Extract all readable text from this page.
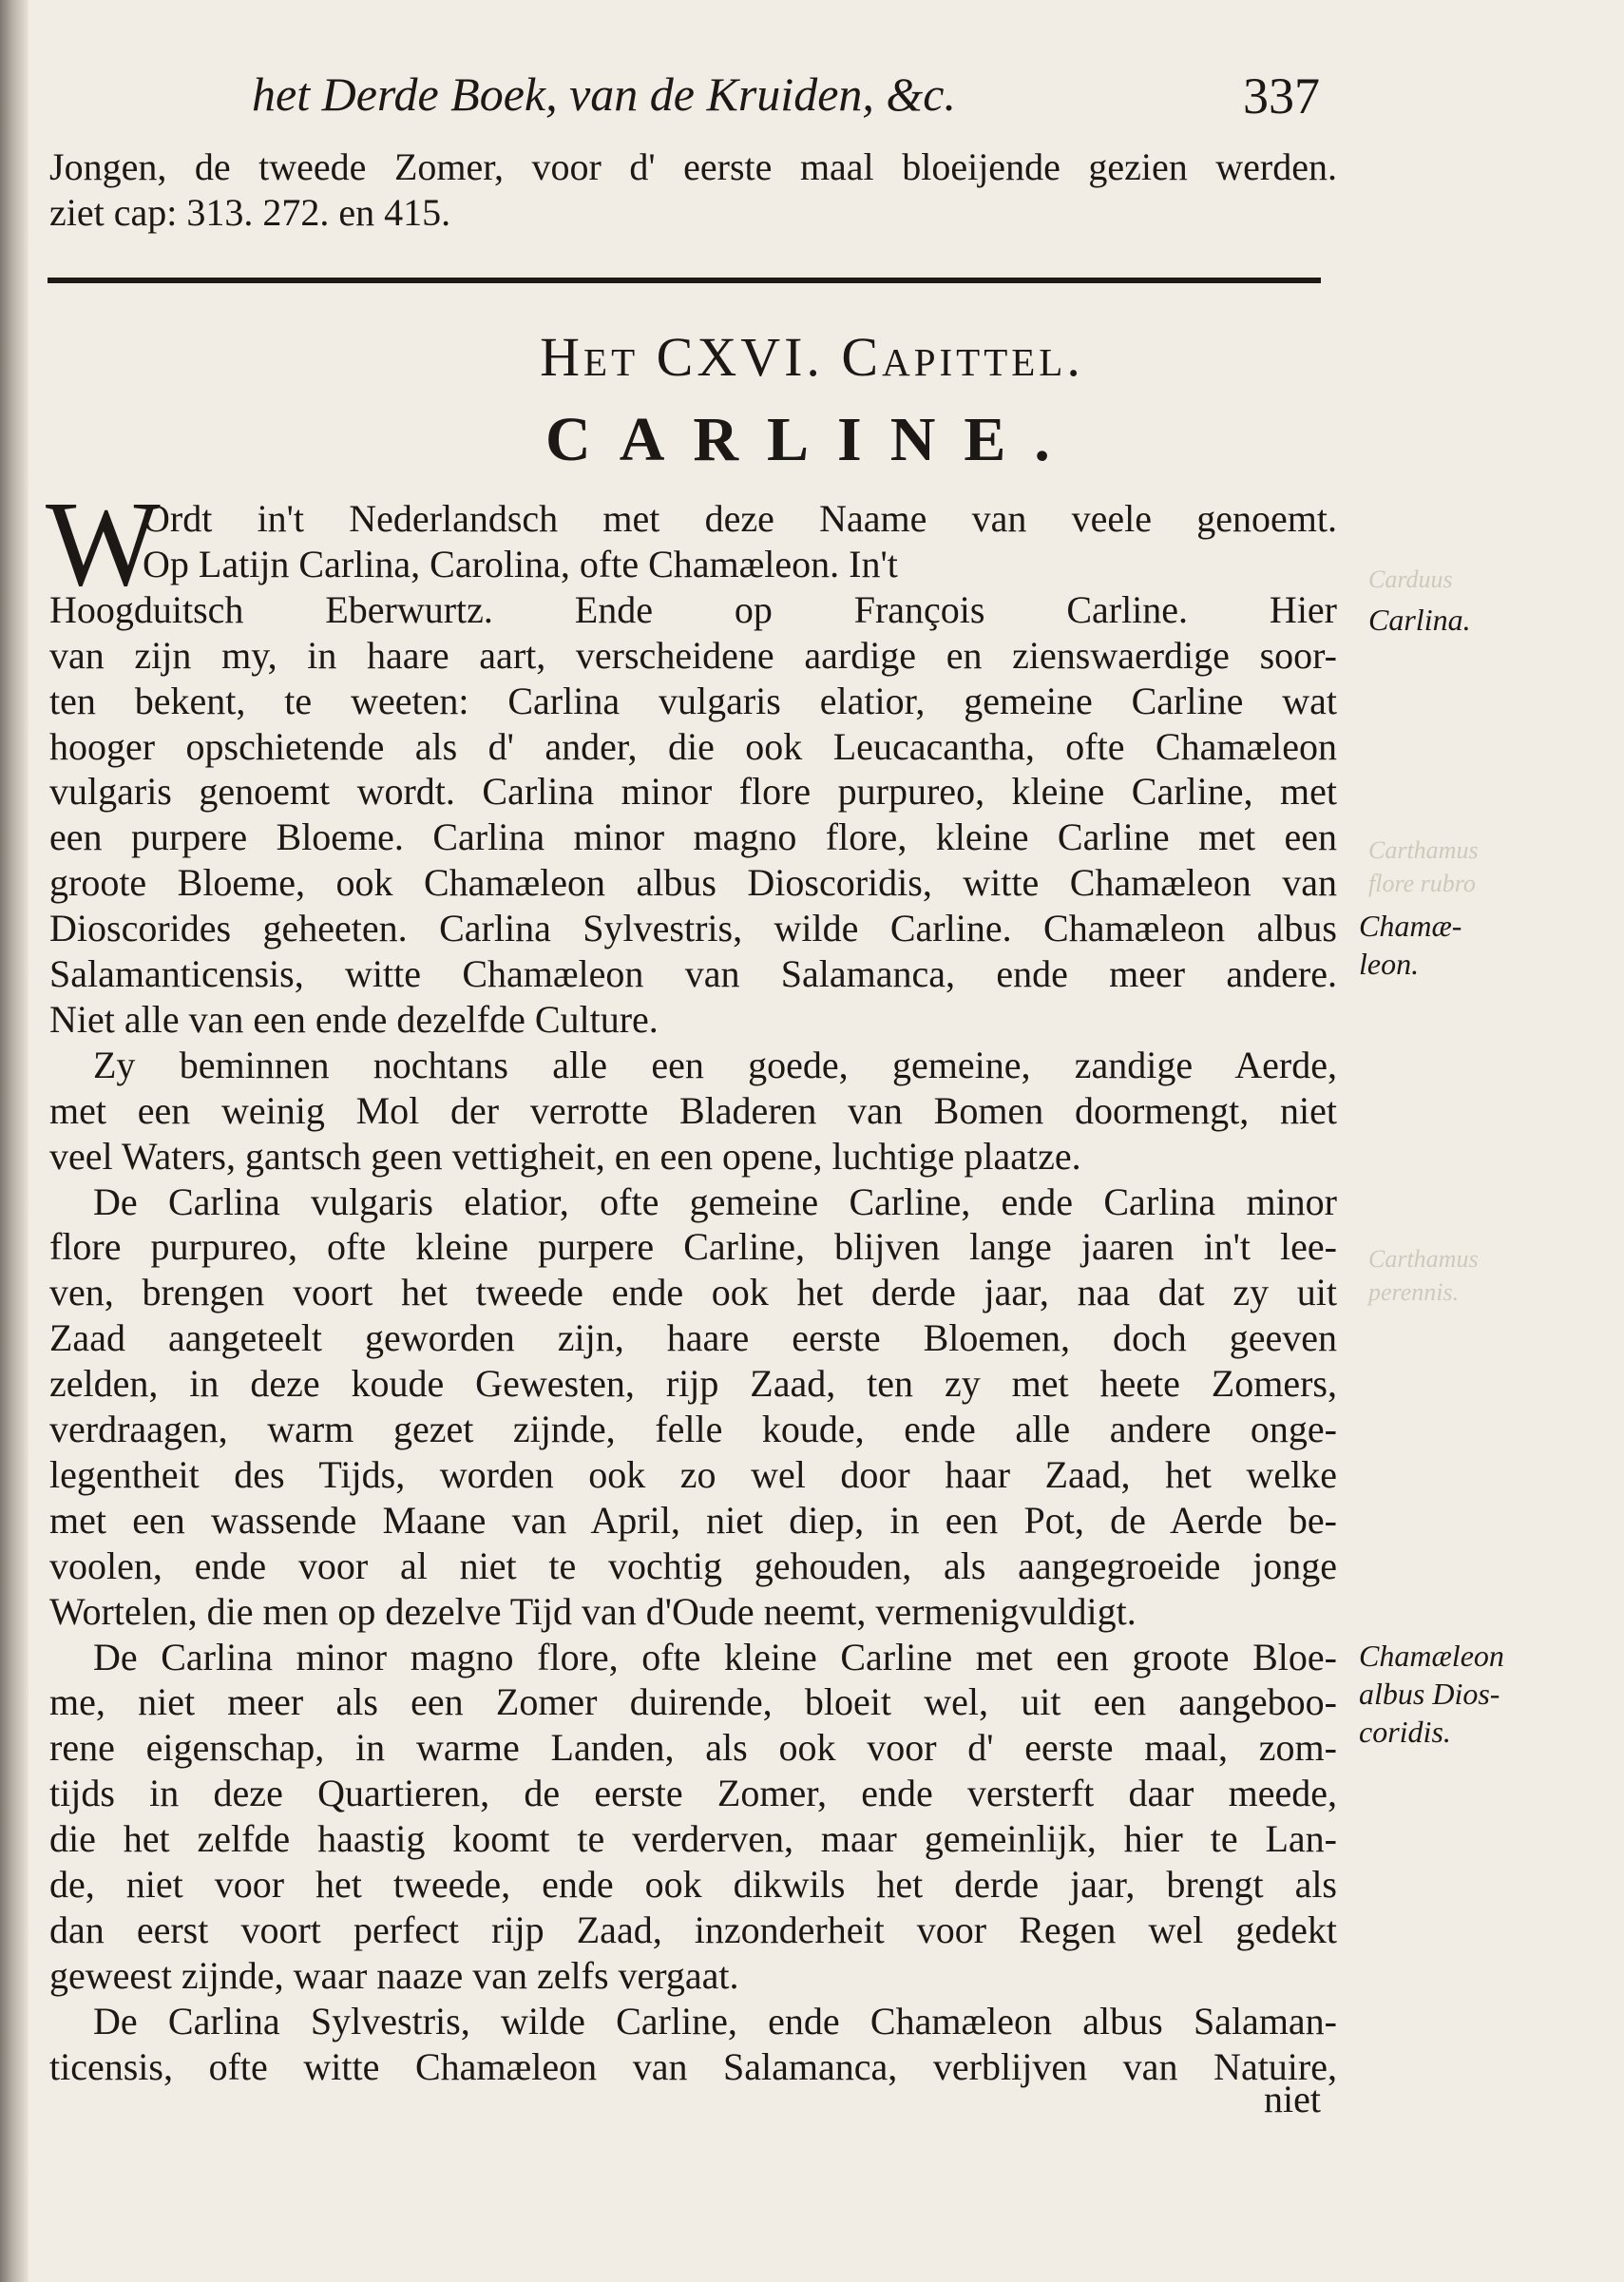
het Derde Boek, van de Kruiden, &c.	337
Jongen, de tweede Zomer, voor d' eerste maal bloeijende gezien werden.
ziet cap: 313. 272. en 415.
Het CXVI. Capittel.
CARLINE.
W
Ordt in't Nederlandsch met deze Naame van veele genoemt.
Op Latijn Carlina, Carolina, ofte Chamæleon. In't
Hoogduitsch Eberwurtz. Ende op François Carline. Hier
van zijn my, in haare aart, verscheidene aardige en zienswaerdige soor-
ten bekent, te weeten: Carlina vulgaris elatior, gemeine Carline wat
hooger opschietende als d' ander, die ook Leucacantha, ofte Chamæleon
vulgaris genoemt wordt. Carlina minor flore purpureo, kleine Carline, met
een purpere Bloeme. Carlina minor magno flore, kleine Carline met een
groote Bloeme, ook Chamæleon albus Dioscoridis, witte Chamæleon van
Dioscorides geheeten. Carlina Sylvestris, wilde Carline. Chamæleon albus
Salamanticensis, witte Chamæleon van Salamanca, ende meer andere.
Niet alle van een ende dezelfde Culture.
Zy beminnen nochtans alle een goede, gemeine, zandige Aerde,
met een weinig Mol der verrotte Bladeren van Bomen doormengt, niet
veel Waters, gantsch geen vettigheit, en een opene, luchtige plaatze.
De Carlina vulgaris elatior, ofte gemeine Carline, ende Carlina minor
flore purpureo, ofte kleine purpere Carline, blijven lange jaaren in't lee-
ven, brengen voort het tweede ende ook het derde jaar, naa dat zy uit
Zaad aangeteelt geworden zijn, haare eerste Bloemen, doch geeven
zelden, in deze koude Gewesten, rijp Zaad, ten zy met heete Zomers,
verdraagen, warm gezet zijnde, felle koude, ende alle andere onge-
legentheit des Tijds, worden ook zo wel door haar Zaad, het welke
met een wassende Maane van April, niet diep, in een Pot, de Aerde be-
voolen, ende voor al niet te vochtig gehouden, als aangegroeide jonge
Wortelen, die men op dezelve Tijd van d'Oude neemt, vermenigvuldigt.
De Carlina minor magno flore, ofte kleine Carline met een groote Bloe-
me, niet meer als een Zomer duirende, bloeit wel, uit een aangeboo-
rene eigenschap, in warme Landen, als ook voor d' eerste maal, zom-
tijds in deze Quartieren, de eerste Zomer, ende versterft daar meede,
die het zelfde haastig koomt te verderven, maar gemeinlijk, hier te Lan-
de, niet voor het tweede, ende ook dikwils het derde jaar, brengt als
dan eerst voort perfect rijp Zaad, inzonderheit voor Regen wel gedekt
geweest zijnde, waar naaze van zelfs vergaat.
De Carlina Sylvestris, wilde Carline, ende Chamæleon albus Salaman-
ticensis, ofte witte Chamæleon van Salamanca, verblijven van Natuire,
niet
Carlina.
Chamæ-
leon.
Chamæleon
albus Dios-
coridis.
Carduus
Carthamus
flore rubro
Carthamus
perennis.
